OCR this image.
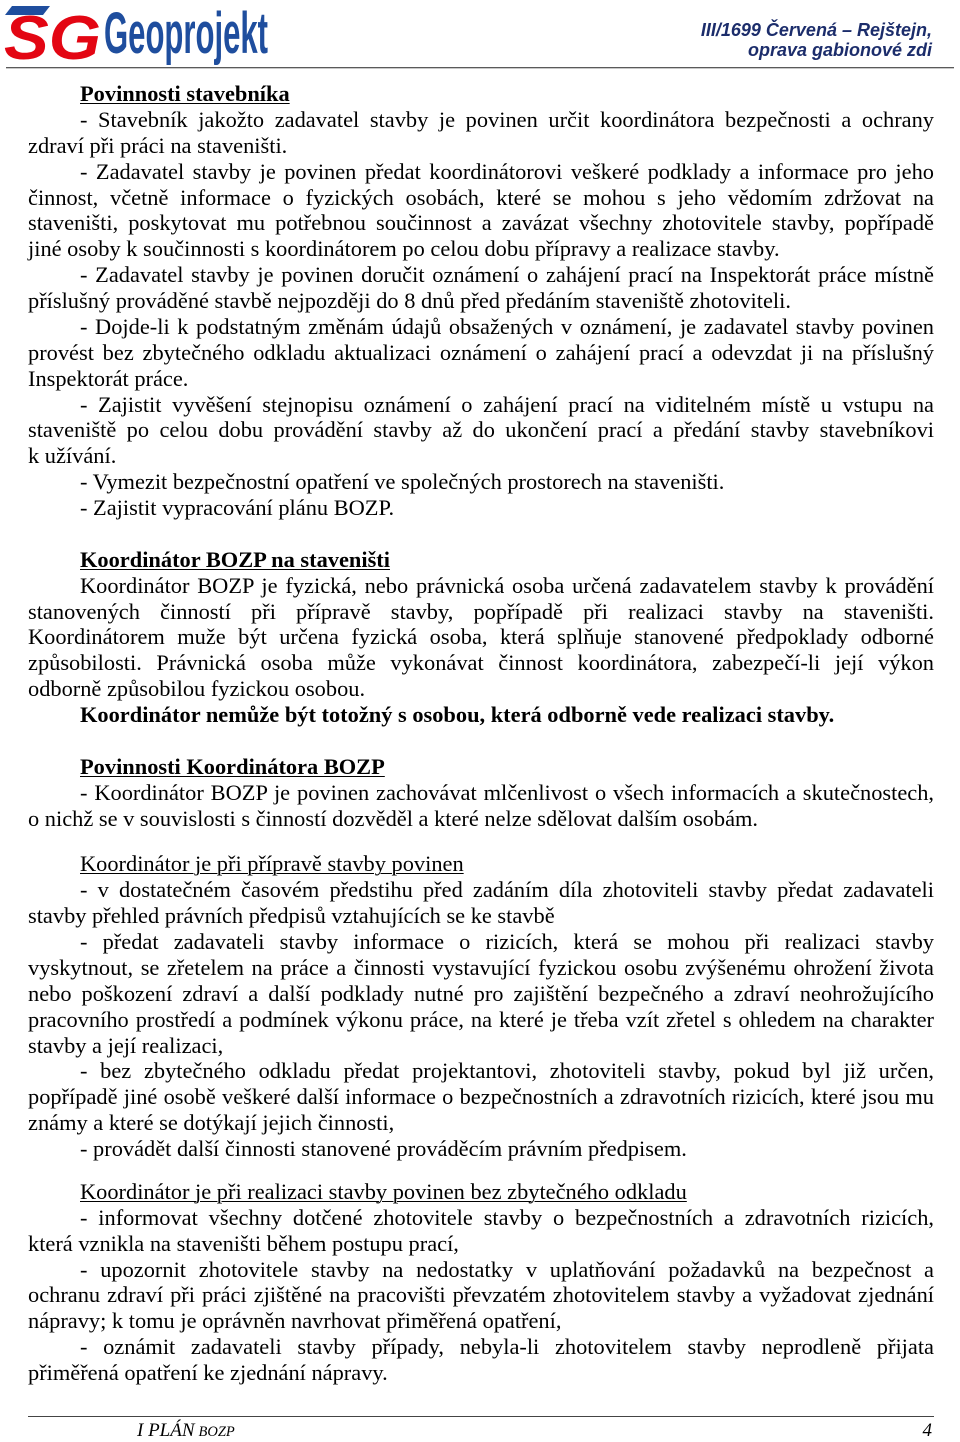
SG Geoprojekt	III/1699 Červená – Rejštejn,
oprava gabionové zdi
Povinnosti stavebníka
- Stavebník jakožto zadavatel stavby je povinen určit koordinátora bezpečnosti a ochrany
zdraví při práci na staveništi.
- Zadavatel stavby je povinen předat koordinátorovi veškeré podklady a informace pro jeho
činnost, včetně informace o fyzických osobách, které se mohou s jeho vědomím zdržovat na
staveništi, poskytovat mu potřebnou součinnost a zavázat všechny zhotovitele stavby, popřípadě
jiné osoby k součinnosti s koordinátorem po celou dobu přípravy a realizace stavby.
- Zadavatel stavby je povinen doručit oznámení o zahájení prací na Inspektorát práce místně
příslušný prováděné stavbě nejpozději do 8 dnů před předáním staveniště zhotoviteli.
- Dojde-li k podstatným změnám údajů obsažených v oznámení, je zadavatel stavby povinen
provést bez zbytečného odkladu aktualizaci oznámení o zahájení prací a odevzdat ji na příslušný
Inspektorát práce.
- Zajistit vyvěšení stejnopisu oznámení o zahájení prací na viditelném místě u vstupu na
staveniště po celou dobu provádění stavby až do ukončení prací a předání stavby stavebníkovi
k užívání.
- Vymezit bezpečnostní opatření ve společných prostorech na staveništi.
- Zajistit vypracování plánu BOZP.
Koordinátor BOZP na staveništi
Koordinátor BOZP je fyzická, nebo právnická osoba určená zadavatelem stavby k provádění
stanovených činností při přípravě stavby, popřípadě při realizaci stavby na staveništi.
Koordinátorem muže být určena fyzická osoba, která splňuje stanovené předpoklady odborné
způsobilosti. Právnická osoba může vykonávat činnost koordinátora, zabezpečí-li její výkon
odborně způsobilou fyzickou osobou.
Koordinátor nemůže být totožný s osobou, která odborně vede realizaci stavby.
Povinnosti Koordinátora BOZP
- Koordinátor BOZP je povinen zachovávat mlčenlivost o všech informacích a skutečnostech,
o nichž se v souvislosti s činností dozvěděl a které nelze sdělovat dalším osobám.
Koordinátor je při přípravě stavby povinen
- v dostatečném časovém předstihu před zadáním díla zhotoviteli stavby předat zadavateli
stavby přehled právních předpisů vztahujících se ke stavbě
- předat zadavateli stavby informace o rizicích, která se mohou při realizaci stavby
vyskytnout, se zřetelem na práce a činnosti vystavující fyzickou osobu zvýšenému ohrožení života
nebo poškození zdraví a další podklady nutné pro zajištění bezpečného a zdraví neohrožujícího
pracovního prostředí a podmínek výkonu práce, na které je třeba vzít zřetel s ohledem na charakter
stavby a její realizaci,
- bez zbytečného odkladu předat projektantovi, zhotoviteli stavby, pokud byl již určen,
popřípadě jiné osobě veškeré další informace o bezpečnostních a zdravotních rizicích, které jsou mu
známy a které se dotýkají jejich činnosti,
- provádět další činnosti stanovené prováděcím právním předpisem.
Koordinátor je při realizaci stavby povinen bez zbytečného odkladu
- informovat všechny dotčené zhotovitele stavby o bezpečnostních a zdravotních rizicích,
která vznikla na staveništi během postupu prací,
- upozornit zhotovitele stavby na nedostatky v uplatňování požadavků na bezpečnost a
ochranu zdraví při práci zjištěné na pracovišti převzatém zhotovitelem stavby a vyžadovat zjednání
nápravy; k tomu je oprávněn navrhovat přiměřená opatření,
- oznámit zadavateli stavby případy, nebyla-li zhotovitelem stavby neprodleně přijata
přiměřená opatření ke zjednání nápravy.
I PLÁN BOZP	4
